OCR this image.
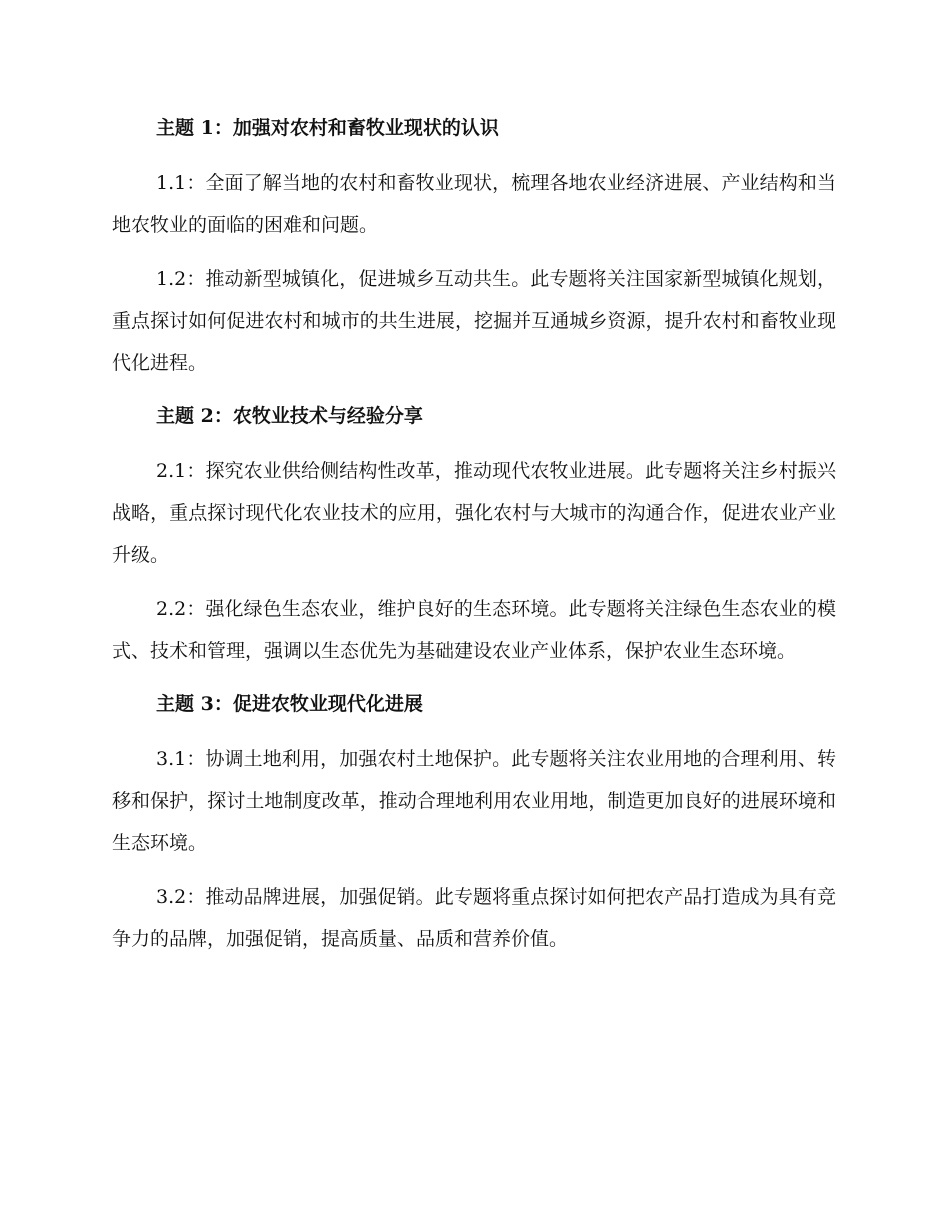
主题 1：加强对农村和畜牧业现状的认识

1.1：全面了解当地的农村和畜牧业现状，梳理各地农业经济进展、产业结构和当地农牧业的面临的困难和问题。

1.2：推动新型城镇化，促进城乡互动共生。此专题将关注国家新型城镇化规划，重点探讨如何促进农村和城市的共生进展，挖掘并互通城乡资源，提升农村和畜牧业现代化进程。

主题 2：农牧业技术与经验分享

2.1：探究农业供给侧结构性改革，推动现代农牧业进展。此专题将关注乡村振兴战略，重点探讨现代化农业技术的应用，强化农村与大城市的沟通合作，促进农业产业升级。

2.2：强化绿色生态农业，维护良好的生态环境。此专题将关注绿色生态农业的模式、技术和管理，强调以生态优先为基础建设农业产业体系，保护农业生态环境。

主题 3：促进农牧业现代化进展

3.1：协调土地利用，加强农村土地保护。此专题将关注农业用地的合理利用、转移和保护，探讨土地制度改革，推动合理地利用农业用地，制造更加良好的进展环境和生态环境。

3.2：推动品牌进展，加强促销。此专题将重点探讨如何把农产品打造成为具有竞争力的品牌，加强促销，提高质量、品质和营养价值。
